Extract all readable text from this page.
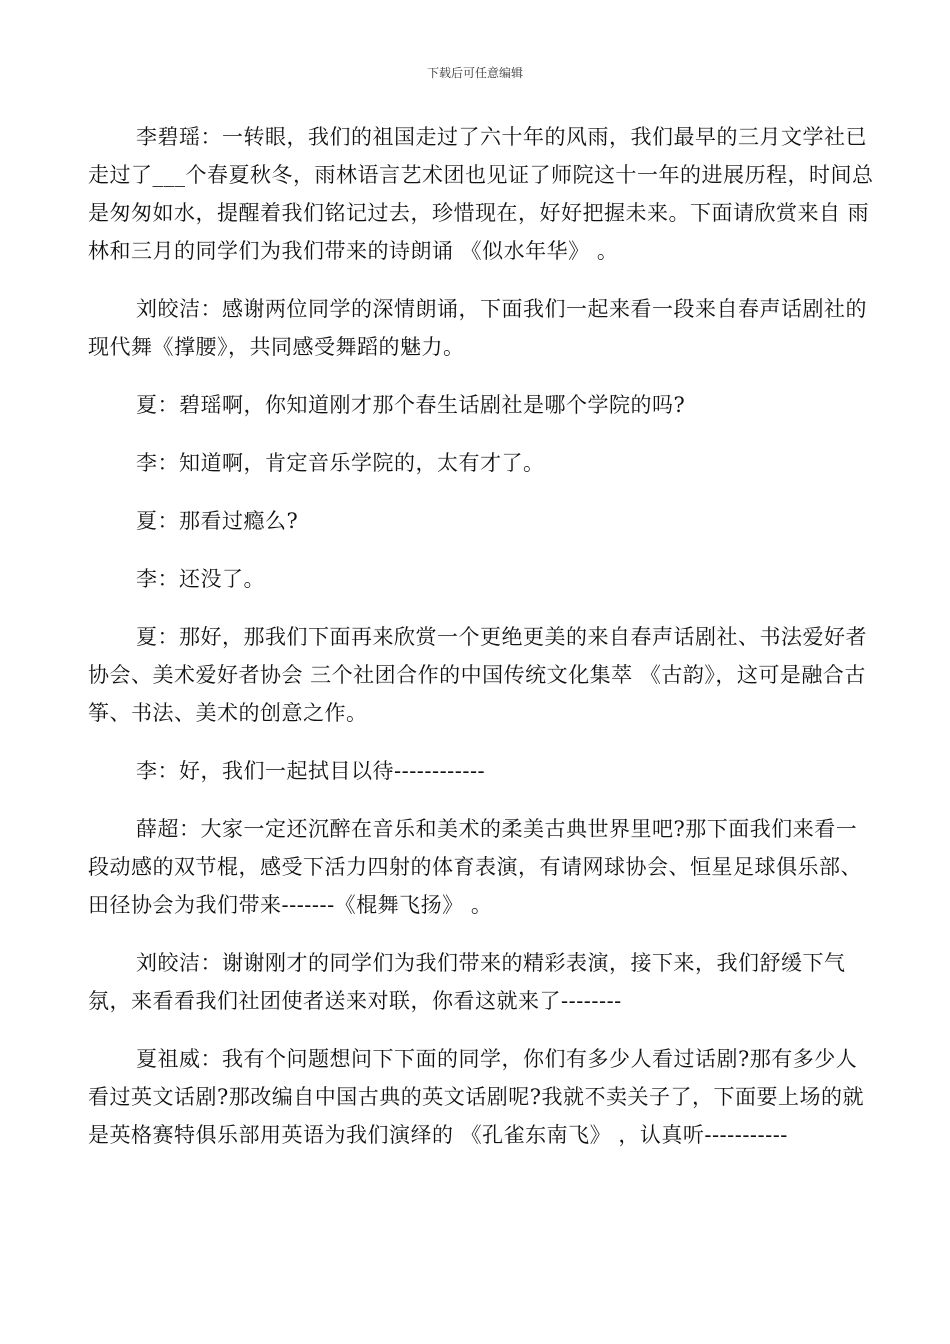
下载后可任意编辑

李碧瑶：一转眼，我们的祖国走过了六十年的风雨，我们最早的三月文学社已走过了___个春夏秋冬，雨林语言艺术团也见证了师院这十一年的进展历程，时间总是匆匆如水，提醒着我们铭记过去，珍惜现在，好好把握未来。下面请欣赏来自 雨林和三月的同学们为我们带来的诗朗诵 《似水年华》 。

刘皎洁：感谢两位同学的深情朗诵，下面我们一起来看一段来自春声话剧社的现代舞《撑腰》，共同感受舞蹈的魅力。

夏：碧瑶啊，你知道刚才那个春生话剧社是哪个学院的吗?

李：知道啊，肯定音乐学院的，太有才了。

夏：那看过瘾么?

李：还没了。

夏：那好，那我们下面再来欣赏一个更绝更美的来自春声话剧社、书法爱好者协会、美术爱好者协会 三个社团合作的中国传统文化集萃 《古韵》，这可是融合古筝、书法、美术的创意之作。

李：好，我们一起拭目以待------------

薛超：大家一定还沉醉在音乐和美术的柔美古典世界里吧?那下面我们来看一段动感的双节棍，感受下活力四射的体育表演，有请网球协会、恒星足球俱乐部、田径协会为我们带来-------《棍舞飞扬》 。

刘皎洁：谢谢刚才的同学们为我们带来的精彩表演，接下来，我们舒缓下气氛，来看看我们社团使者送来对联，你看这就来了--------

夏祖威：我有个问题想问下下面的同学，你们有多少人看过话剧?那有多少人看过英文话剧?那改编自中国古典的英文话剧呢?我就不卖关子了，下面要上场的就是英格赛特俱乐部用英语为我们演绎的 《孔雀东南飞》 ，认真听-----------
